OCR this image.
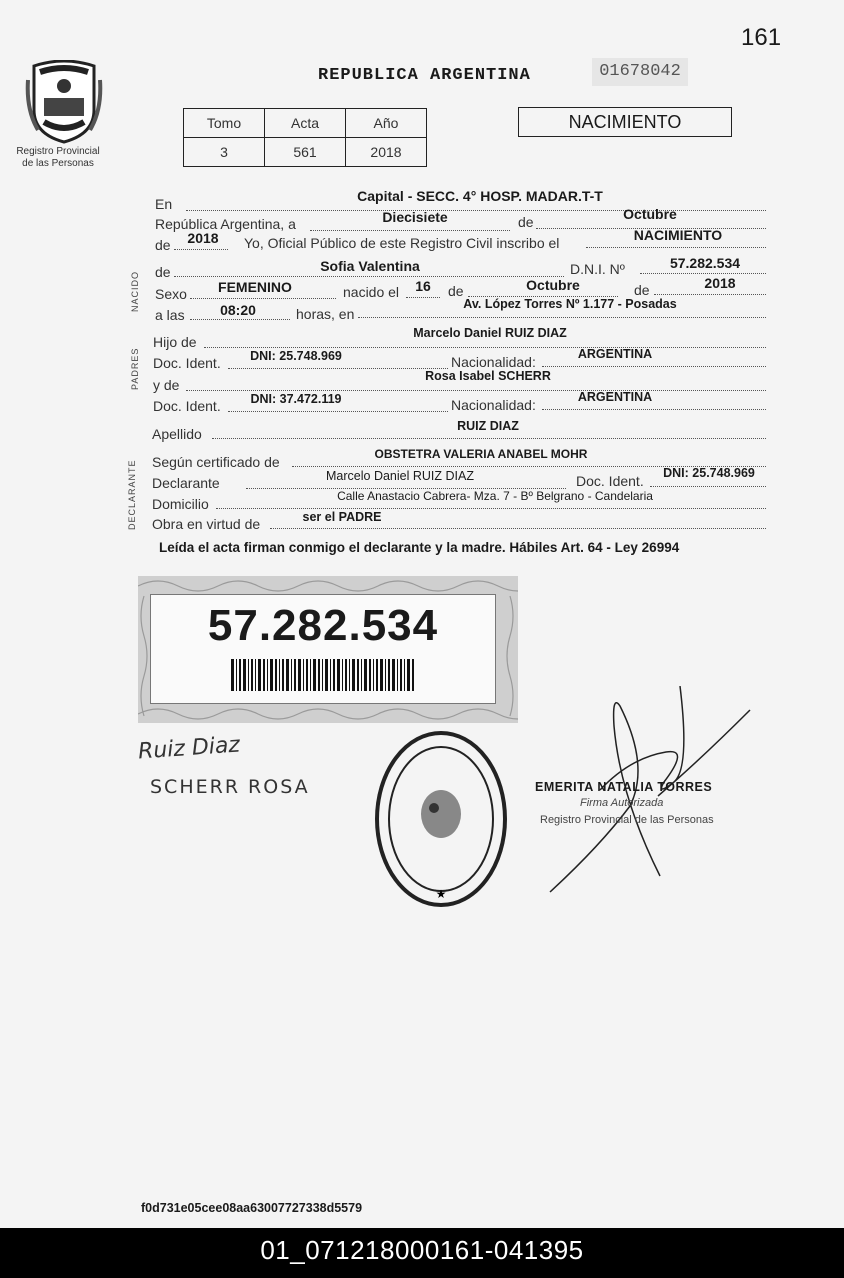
161
Registro Provincial
de las Personas
REPUBLICA ARGENTINA	01678042
Tomo	Acta	Año
3	561	2018
NACIMIENTO
NACIDO
PADRES
DECLARANTE
En	Capital - SECC. 4° HOSP. MADAR.T-T
República Argentina, a	Diecisiete	de	Octubre
de	2018	Yo, Oficial Público de este Registro Civil inscribo el	NACIMIENTO
de	Sofia Valentina	D.N.I. Nº	57.282.534
Sexo	FEMENINO	nacido el	16	de	Octubre	de	2018
a las	08:20	horas, en
Av. López Torres Nº 1.177 - Posadas
Hijo de
Marcelo Daniel RUIZ DIAZ
Doc. Ident.	DNI: 25.748.969	Nacionalidad:	ARGENTINA
y de
Rosa Isabel SCHERR
Doc. Ident.	DNI: 37.472.119	Nacionalidad:	ARGENTINA
Apellido	RUIZ DIAZ
Según certificado de	OBSTETRA VALERIA ANABEL MOHR
Declarante	Marcelo Daniel RUIZ DIAZ	Doc. Ident.	DNI: 25.748.969
Domicilio	Calle Anastacio Cabrera- Mza. 7 - Bº Belgrano - Candelaria
Obra en virtud de	ser el PADRE
Leída el acta firman conmigo el declarante y la madre. Hábiles Art. 64 - Ley 26994
57.282.534
Ruiz Diaz
SCHERR ROSA
★
EMERITA NATALIA TORRES
Firma Autorizada
Registro Provincial de las Personas
f0d731e05cee08aa63007727338d5579
01_071218000161-041395
